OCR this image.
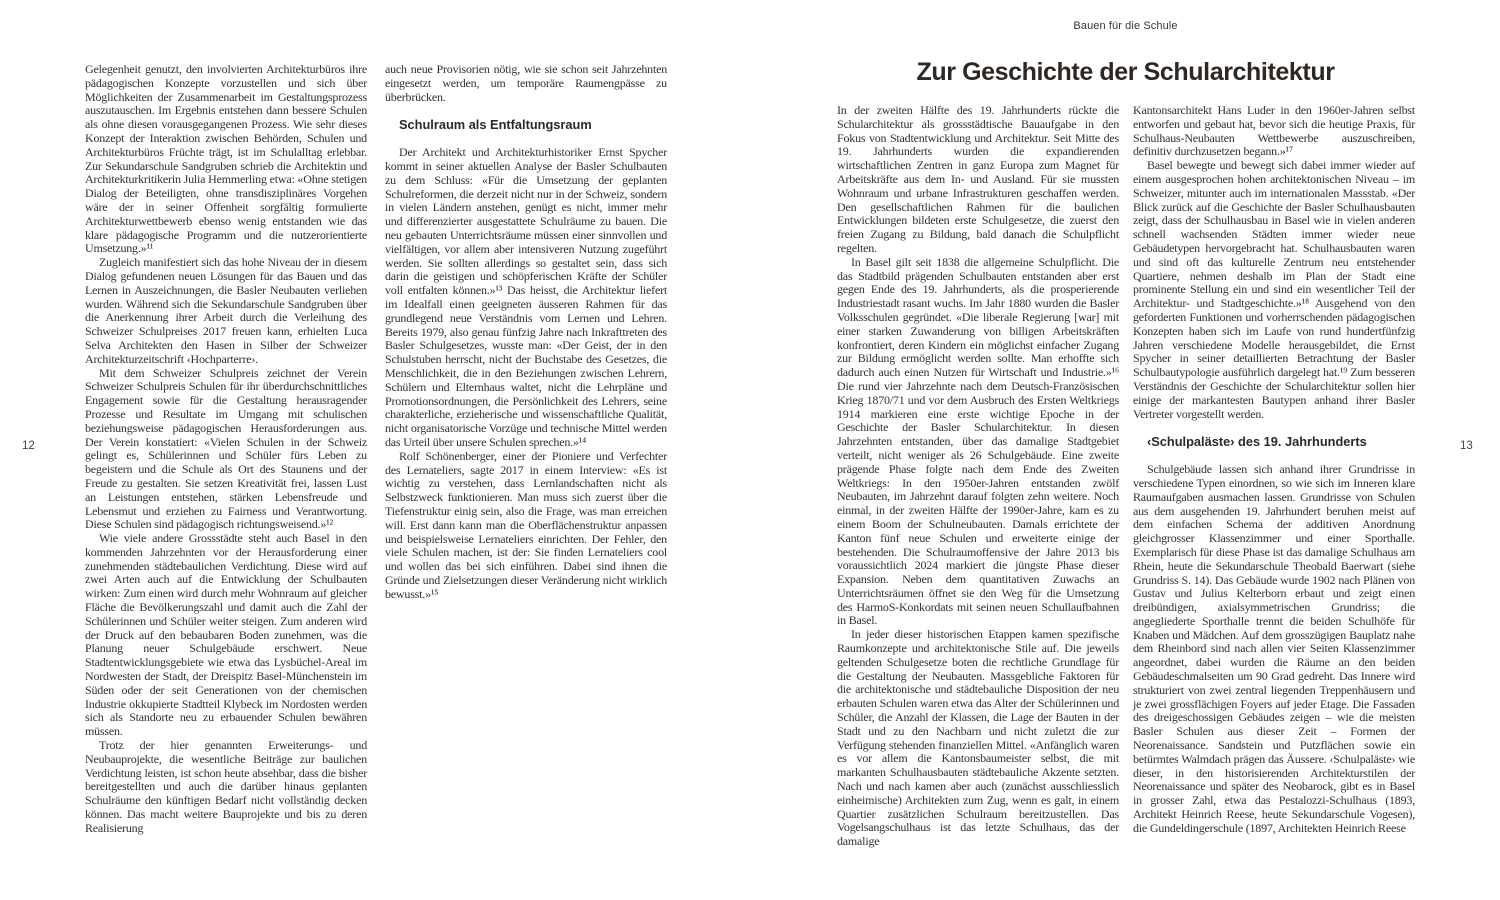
Bauen für die Schule
Zur Geschichte der Schularchitektur
12	13

Gelegenheit genutzt, den involvierten Architekturbüros ihre pädagogischen Konzepte vorzustellen und sich über Möglichkeiten der Zusammenarbeit im Gestaltungsprozess auszutauschen. Im Ergebnis entstehen dann bessere Schulen als ohne diesen vorausgegangenen Prozess. Wie sehr dieses Konzept der Interaktion zwischen Behörden, Schulen und Architekturbüros Früchte trägt, ist im Schulalltag erlebbar. Zur Sekundarschule Sandgruben schrieb die Architektin und Architekturkritikerin Julia Hemmerling etwa: «Ohne stetigen Dialog der Beteiligten, ohne transdisziplinäres Vorgehen wäre der in seiner Offenheit sorgfältig formulierte Architekturwettbewerb ebenso wenig entstanden wie das klare pädagogische Programm und die nutzerorientierte Umsetzung.»¹¹

Zugleich manifestiert sich das hohe Niveau der in diesem Dialog gefundenen neuen Lösungen für das Bauen und das Lernen in Auszeichnungen, die Basler Neubauten verliehen wurden. Während sich die Sekundarschule Sandgruben über die Anerkennung ihrer Arbeit durch die Verleihung des Schweizer Schulpreises 2017 freuen kann, erhielten Luca Selva Architekten den Hasen in Silber der Schweizer Architekturzeitschrift ‹Hochparterre›.

Mit dem Schweizer Schulpreis zeichnet der Verein Schweizer Schulpreis Schulen für ihr überdurchschnittliches Engagement sowie für die Gestaltung herausragender Prozesse und Resultate im Umgang mit schulischen beziehungsweise pädagogischen Herausforderungen aus. Der Verein konstatiert: «Vielen Schulen in der Schweiz gelingt es, Schülerinnen und Schüler fürs Leben zu begeistern und die Schule als Ort des Staunens und der Freude zu gestalten. Sie setzen Kreativität frei, lassen Lust an Leistungen entstehen, stärken Lebensfreude und Lebensmut und erziehen zu Fairness und Verantwortung. Diese Schulen sind pädagogisch richtungsweisend.»¹²

Wie viele andere Grossstädte steht auch Basel in den kommenden Jahrzehnten vor der Herausforderung einer zunehmenden städtebaulichen Verdichtung. Diese wird auf zwei Arten auch auf die Entwicklung der Schulbauten wirken: Zum einen wird durch mehr Wohnraum auf gleicher Fläche die Bevölkerungszahl und damit auch die Zahl der Schülerinnen und Schüler weiter steigen. Zum anderen wird der Druck auf den bebaubaren Boden zunehmen, was die Planung neuer Schulgebäude erschwert. Neue Stadtentwicklungsgebiete wie etwa das Lysbüchel-Areal im Nordwesten der Stadt, der Dreispitz Basel-Münchenstein im Süden oder der seit Generationen von der chemischen Industrie okkupierte Stadtteil Klybeck im Nordosten werden sich als Standorte neu zu erbauender Schulen bewähren müssen.

Trotz der hier genannten Erweiterungs- und Neubauprojekte, die wesentliche Beiträge zur baulichen Verdichtung leisten, ist schon heute absehbar, dass die bisher bereitgestellten und auch die darüber hinaus geplanten Schulräume den künftigen Bedarf nicht vollständig decken können. Das macht weitere Bauprojekte und bis zu deren Realisierung

auch neue Provisorien nötig, wie sie schon seit Jahrzehnten eingesetzt werden, um temporäre Raumengpässe zu überbrücken.

Schulraum als Entfaltungsraum

Der Architekt und Architekturhistoriker Ernst Spycher kommt in seiner aktuellen Analyse der Basler Schulbauten zu dem Schluss: «Für die Umsetzung der geplanten Schulreformen, die derzeit nicht nur in der Schweiz, sondern in vielen Ländern anstehen, genügt es nicht, immer mehr und differenzierter ausgestattete Schulräume zu bauen. Die neu gebauten Unterrichtsräume müssen einer sinnvollen und vielfältigen, vor allem aber intensiveren Nutzung zugeführt werden. Sie sollten allerdings so gestaltet sein, dass sich darin die geistigen und schöpferischen Kräfte der Schüler voll entfalten können.»¹³ Das heisst, die Architektur liefert im Idealfall einen geeigneten äusseren Rahmen für das grundlegend neue Verständnis vom Lernen und Lehren. Bereits 1979, also genau fünfzig Jahre nach Inkrafttreten des Basler Schulgesetzes, wusste man: «Der Geist, der in den Schulstuben herrscht, nicht der Buchstabe des Gesetzes, die Menschlichkeit, die in den Beziehungen zwischen Lehrern, Schülern und Elternhaus waltet, nicht die Lehrpläne und Promotionsordnungen, die Persönlichkeit des Lehrers, seine charakterliche, erzieherische und wissenschaftliche Qualität, nicht organisatorische Vorzüge und technische Mittel werden das Urteil über unsere Schulen sprechen.»¹⁴

Rolf Schönenberger, einer der Pioniere und Verfechter des Lernateliers, sagte 2017 in einem Interview: «Es ist wichtig zu verstehen, dass Lernlandschaften nicht als Selbstzweck funktionieren. Man muss sich zuerst über die Tiefenstruktur einig sein, also die Frage, was man erreichen will. Erst dann kann man die Oberflächenstruktur anpassen und beispielsweise Lernateliers einrichten. Der Fehler, den viele Schulen machen, ist der: Sie finden Lernateliers cool und wollen das bei sich einführen. Dabei sind ihnen die Gründe und Zielsetzungen dieser Veränderung nicht wirklich bewusst.»¹⁵

In der zweiten Hälfte des 19. Jahrhunderts rückte die Schularchitektur als grossstädtische Bauaufgabe in den Fokus von Stadtentwicklung und Architektur. Seit Mitte des 19. Jahrhunderts wurden die expandierenden wirtschaftlichen Zentren in ganz Europa zum Magnet für Arbeitskräfte aus dem In- und Ausland. Für sie mussten Wohnraum und urbane Infrastrukturen geschaffen werden. Den gesellschaftlichen Rahmen für die baulichen Entwicklungen bildeten erste Schulgesetze, die zuerst den freien Zugang zu Bildung, bald danach die Schulpflicht regelten.

In Basel gilt seit 1838 die allgemeine Schulpflicht. Die das Stadtbild prägenden Schulbauten entstanden aber erst gegen Ende des 19. Jahrhunderts, als die prosperierende Industriestadt rasant wuchs. Im Jahr 1880 wurden die Basler Volksschulen gegründet. «Die liberale Regierung [war] mit einer starken Zuwanderung von billigen Arbeitskräften konfrontiert, deren Kindern ein möglichst einfacher Zugang zur Bildung ermöglicht werden sollte. Man erhoffte sich dadurch auch einen Nutzen für Wirtschaft und Industrie.»¹⁶ Die rund vier Jahrzehnte nach dem Deutsch-Französischen Krieg 1870/71 und vor dem Ausbruch des Ersten Weltkriegs 1914 markieren eine erste wichtige Epoche in der Geschichte der Basler Schularchitektur. In diesen Jahrzehnten entstanden, über das damalige Stadtgebiet verteilt, nicht weniger als 26 Schulgebäude. Eine zweite prägende Phase folgte nach dem Ende des Zweiten Weltkriegs: In den 1950er-Jahren entstanden zwölf Neubauten, im Jahrzehnt darauf folgten zehn weitere. Noch einmal, in der zweiten Hälfte der 1990er-Jahre, kam es zu einem Boom der Schulneubauten. Damals errichtete der Kanton fünf neue Schulen und erweiterte einige der bestehenden. Die Schulraumoffensive der Jahre 2013 bis voraussichtlich 2024 markiert die jüngste Phase dieser Expansion. Neben dem quantitativen Zuwachs an Unterrichtsräumen öffnet sie den Weg für die Umsetzung des HarmoS-Konkordats mit seinen neuen Schullaufbahnen in Basel.

In jeder dieser historischen Etappen kamen spezifische Raumkonzepte und architektonische Stile auf. Die jeweils geltenden Schulgesetze boten die rechtliche Grundlage für die Gestaltung der Neubauten. Massgebliche Faktoren für die architektonische und städtebauliche Disposition der neu erbauten Schulen waren etwa das Alter der Schülerinnen und Schüler, die Anzahl der Klassen, die Lage der Bauten in der Stadt und zu den Nachbarn und nicht zuletzt die zur Verfügung stehenden finanziellen Mittel. «Anfänglich waren es vor allem die Kantonsbaumeister selbst, die mit markanten Schulhausbauten städtebauliche Akzente setzten. Nach und nach kamen aber auch (zunächst ausschliesslich einheimische) Architekten zum Zug, wenn es galt, in einem Quartier zusätzlichen Schulraum bereitzustellen. Das Vogelsangschulhaus ist das letzte Schulhaus, das der damalige

Kantonsarchitekt Hans Luder in den 1960er-Jahren selbst entworfen und gebaut hat, bevor sich die heutige Praxis, für Schulhaus-Neubauten Wettbewerbe auszuschreiben, definitiv durchzusetzen begann.»¹⁷

Basel bewegte und bewegt sich dabei immer wieder auf einem ausgesprochen hohen architektonischen Niveau – im Schweizer, mitunter auch im internationalen Massstab. «Der Blick zurück auf die Geschichte der Basler Schulhausbauten zeigt, dass der Schulhausbau in Basel wie in vielen anderen schnell wachsenden Städten immer wieder neue Gebäudetypen hervorgebracht hat. Schulhausbauten waren und sind oft das kulturelle Zentrum neu entstehender Quartiere, nehmen deshalb im Plan der Stadt eine prominente Stellung ein und sind ein wesentlicher Teil der Architektur- und Stadtgeschichte.»¹⁸ Ausgehend von den geforderten Funktionen und vorherrschenden pädagogischen Konzepten haben sich im Laufe von rund hundertfünfzig Jahren verschiedene Modelle herausgebildet, die Ernst Spycher in seiner detaillierten Betrachtung der Basler Schulbautypologie ausführlich dargelegt hat.¹⁹ Zum besseren Verständnis der Geschichte der Schularchitektur sollen hier einige der markantesten Bautypen anhand ihrer Basler Vertreter vorgestellt werden.

‹Schulpaläste› des 19. Jahrhunderts

Schulgebäude lassen sich anhand ihrer Grundrisse in verschiedene Typen einordnen, so wie sich im Inneren klare Raumaufgaben ausmachen lassen. Grundrisse von Schulen aus dem ausgehenden 19. Jahrhundert beruhen meist auf dem einfachen Schema der additiven Anordnung gleichgrosser Klassenzimmer und einer Sporthalle. Exemplarisch für diese Phase ist das damalige Schulhaus am Rhein, heute die Sekundarschule Theobald Baerwart (siehe Grundriss S. 14). Das Gebäude wurde 1902 nach Plänen von Gustav und Julius Kelterborn erbaut und zeigt einen dreibündigen, axialsymmetrischen Grundriss; die angegliederte Sporthalle trennt die beiden Schulhöfe für Knaben und Mädchen. Auf dem grosszügigen Bauplatz nahe dem Rheinbord sind nach allen vier Seiten Klassenzimmer angeordnet, dabei wurden die Räume an den beiden Gebäudeschmalseiten um 90 Grad gedreht. Das Innere wird strukturiert von zwei zentral liegenden Treppenhäusern und je zwei grossflächigen Foyers auf jeder Etage. Die Fassaden des dreigeschossigen Gebäudes zeigen – wie die meisten Basler Schulen aus dieser Zeit – Formen der Neorenaissance. Sandstein und Putzflächen sowie ein betürmtes Walmdach prägen das Äussere. ‹Schulpaläste› wie dieser, in den historisierenden Architekturstilen der Neorenaissance und später des Neobarock, gibt es in Basel in grosser Zahl, etwa das Pestalozzi-Schulhaus (1893, Architekt Heinrich Reese, heute Sekundarschule Vogesen), die Gundeldingerschule (1897, Architekten Heinrich Reese
